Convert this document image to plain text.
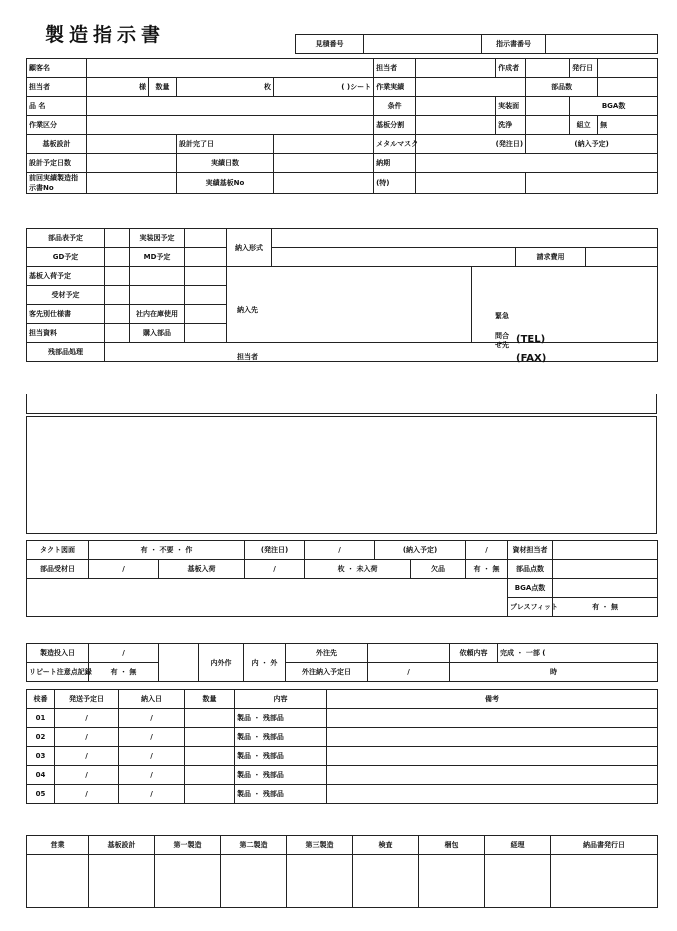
製造指示書	見積番号		指示書番号	
顧客名					担当者		作成者		発行日	
担当者	様	数量	枚	( )シート	作業実績			部品数		
品 名					条件		実装面		BGA数	
作業区分					基板分割		洗浄		組立	無
基板設計			設計完了日		メタルマスク	(発注日)		(納入予定)		
設計予定日数			実績日数		納期					
前回実績製造指示書No			実績基板No		(特)					
部品表予定		実装図予定		納入形式				
GD予定		MD予定					請求費用	
基板入荷予定								
受材予定								
客先別仕様書		社内在庫使用						
担当資料		購入部品						
残部品処理								
納入先
担当者
緊急
問合せ先 (TEL)
(FAX)
タクト図面	有 ・ 不要 ・ 作		(発注日)	/	(納入予定)		/	資材担当者	
部品受材日	/	基板入荷	/	枚 ・ 未入荷		欠品	有 ・ 無	部品点数	
								BGA点数	
								プレスフィット	有 ・ 無
製造投入日	/		内外作	内 ・ 外	外注先		依頼内容	完成 ・ 一部 (
リピート注意点記録	有 ・ 無				外注納入予定日	/	時	
枝番	発送予定日	納入日	数量	内容	備考
01	/	/		製品 ・ 残部品	
02	/	/		製品 ・ 残部品	
03	/	/		製品 ・ 残部品	
04	/	/		製品 ・ 残部品	
05	/	/		製品 ・ 残部品	
営業	基板設計	第一製造	第二製造	第三製造	検査	梱包	経理	納品書発行日
